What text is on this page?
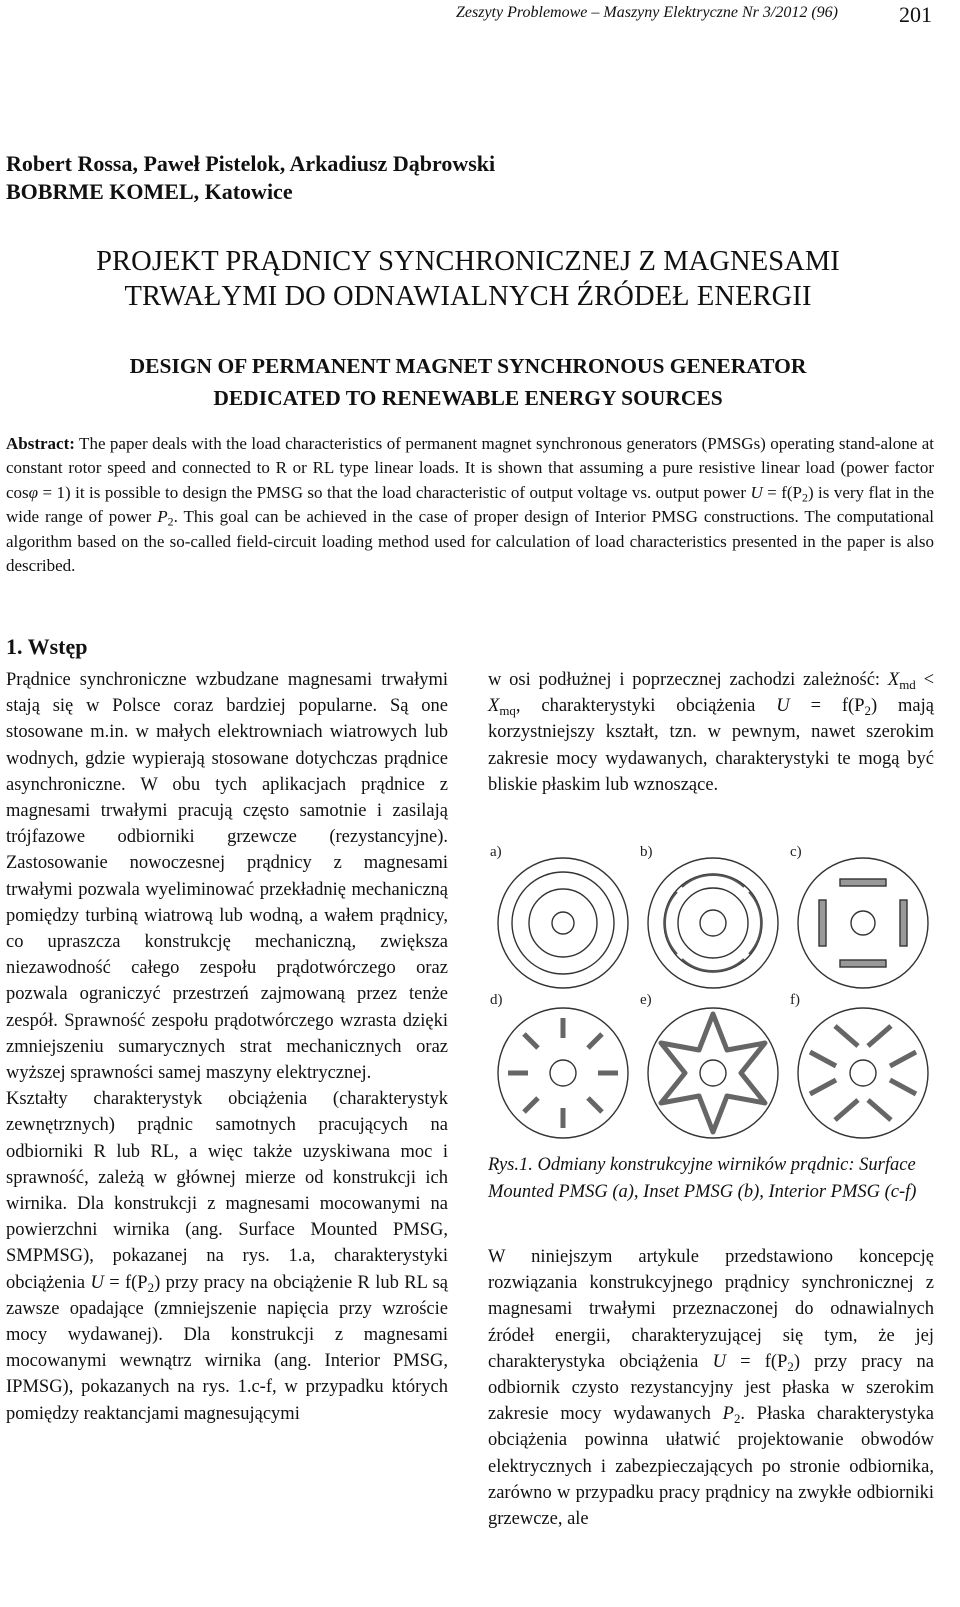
Zeszyty Problemowe – Maszyny Elektryczne Nr 3/2012 (96)	201
Robert Rossa, Paweł Pistelok, Arkadiusz Dąbrowski
BOBRME KOMEL, Katowice
PROJEKT PRĄDNICY SYNCHRONICZNEJ Z MAGNESAMI
TRWAŁYMI DO ODNAWIALNYCH ŹRÓDEŁ ENERGII
DESIGN OF PERMANENT MAGNET SYNCHRONOUS GENERATOR
DEDICATED TO RENEWABLE ENERGY SOURCES
Abstract: The paper deals with the load characteristics of permanent magnet synchronous generators (PMSGs) operating stand-alone at constant rotor speed and connected to R or RL type linear loads. It is shown that assuming a pure resistive linear load (power factor cosφ = 1) it is possible to design the PMSG so that the load characteristic of output voltage vs. output power $U = f(P_2)$ is very flat in the wide range of power $P_2$. This goal can be achieved in the case of proper design of Interior PMSG constructions. The computational algorithm based on the so-called field-circuit loading method used for calculation of load characteristics presented in the paper is also described.
1. Wstęp
Prądnice synchroniczne wzbudzane magnesami trwałymi stają się w Polsce coraz bardziej popularne. Są one stosowane m.in. w małych elektrowniach wiatrowych lub wodnych, gdzie wypierają stosowane dotychczas prądnice asynchroniczne. W obu tych aplikacjach prądnice z magnesami trwałymi pracują często samotnie i zasilają trójfazowe odbiorniki grzewcze (rezystancyjne). Zastosowanie nowoczesnej prądnicy z magnesami trwałymi pozwala wyeliminować przekładnię mechaniczną pomiędzy turbiną wiatrową lub wodną, a wałem prądnicy, co upraszcza konstrukcję mechaniczną, zwiększa niezawodność całego zespołu prądotwórczego oraz pozwala ograniczyć przestrzeń zajmowaną przez tenże zespół. Sprawność zespołu prądotwórczego wzrasta dzięki zmniejszeniu sumarycznych strat mechanicznych oraz wyższej sprawności samej maszyny elektrycznej.
Kształty charakterystyk obciążenia (charakterystyk zewnętrznych) prądnic samotnych pracujących na odbiorniki R lub RL, a więc także uzyskiwana moc i sprawność, zależą w głównej mierze od konstrukcji ich wirnika. Dla konstrukcji z magnesami mocowanymi na powierzchni wirnika (ang. Surface Mounted PMSG, SMPMSG), pokazanej na rys. 1.a, charakterystyki obciążenia $U = f(P_2)$ przy pracy na obciążenie R lub RL są zawsze opadające (zmniejszenie napięcia przy wzroście mocy wydawanej). Dla konstrukcji z magnesami mocowanymi wewnątrz wirnika (ang. Interior PMSG, IPMSG), pokazanych na rys. 1.c-f, w przypadku których pomiędzy reaktancjami magnesującymi
w osi podłużnej i poprzecznej zachodzi zależność: $X_{md} < X_{mq}$, charakterystyki obciążenia $U = f(P_2)$ mają korzystniejszy kształt, tzn. w pewnym, nawet szerokim zakresie mocy wydawanych, charakterystyki te mogą być bliskie płaskim lub wznoszące.
a)	b)	c)
d)	e)	f)
Rys.1. Odmiany konstrukcyjne wirników prądnic: Surface Mounted PMSG (a), Inset PMSG (b), Interior PMSG (c-f)
W niniejszym artykule przedstawiono koncepcję rozwiązania konstrukcyjnego prądnicy synchronicznej z magnesami trwałymi przeznaczonej do odnawialnych źródeł energii, charakteryzującej się tym, że jej charakterystyka obciążenia $U = f(P_2)$ przy pracy na odbiornik czysto rezystancyjny jest płaska w szerokim zakresie mocy wydawanych $P_2$. Płaska charakterystyka obciążenia powinna ułatwić projektowanie obwodów elektrycznych i zabezpieczających po stronie odbiornika, zarówno w przypadku pracy prądnicy na zwykłe odbiorniki grzewcze, ale
